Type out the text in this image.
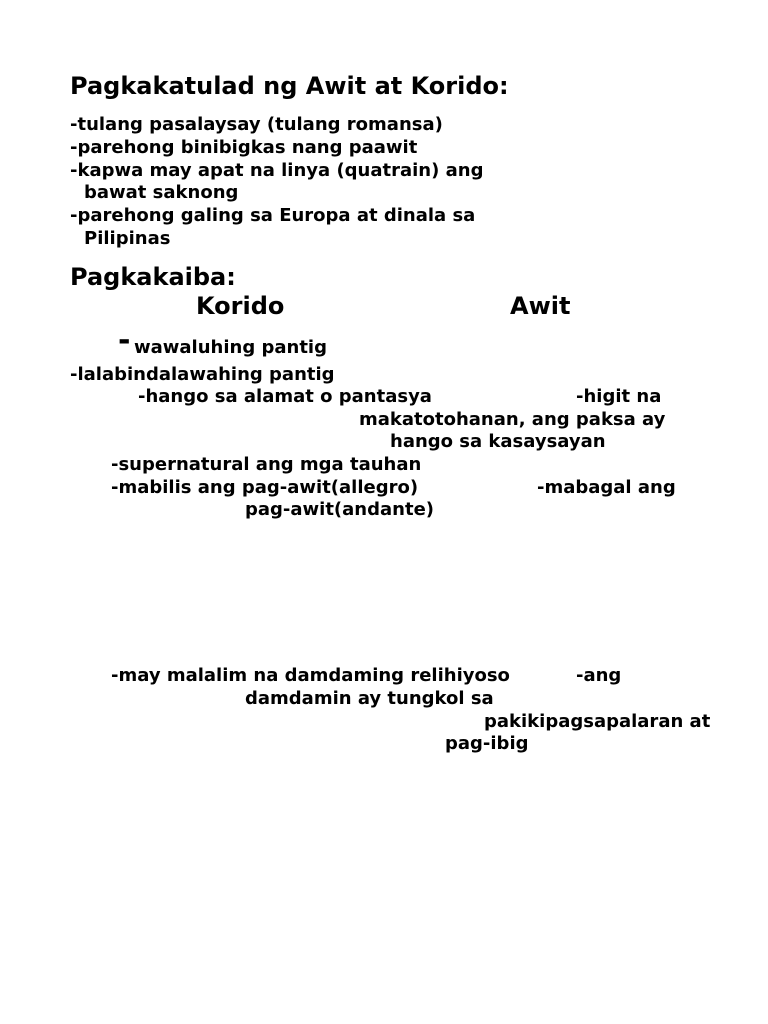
Pagkakatulad ng Awit at Korido:
-tulang pasalaysay (tulang romansa)
-parehong binibigkas nang paawit
-kapwa may apat na linya (quatrain) ang
bawat saknong
-parehong galing sa Europa at dinala sa
Pilipinas
Pagkakaiba:
Korido	Awit
- wawaluhing pantig
-lalabindalawahing pantig
-hango sa alamat o pantasya	-higit na
makatotohanan, ang paksa ay
hango sa kasaysayan
-supernatural ang mga tauhan
-mabilis ang pag-awit(allegro)	-mabagal ang
pag-awit(andante)
-may malalim na damdaming relihiyoso	-ang
damdamin ay tungkol sa
pakikipagsapalaran at
pag-ibig
